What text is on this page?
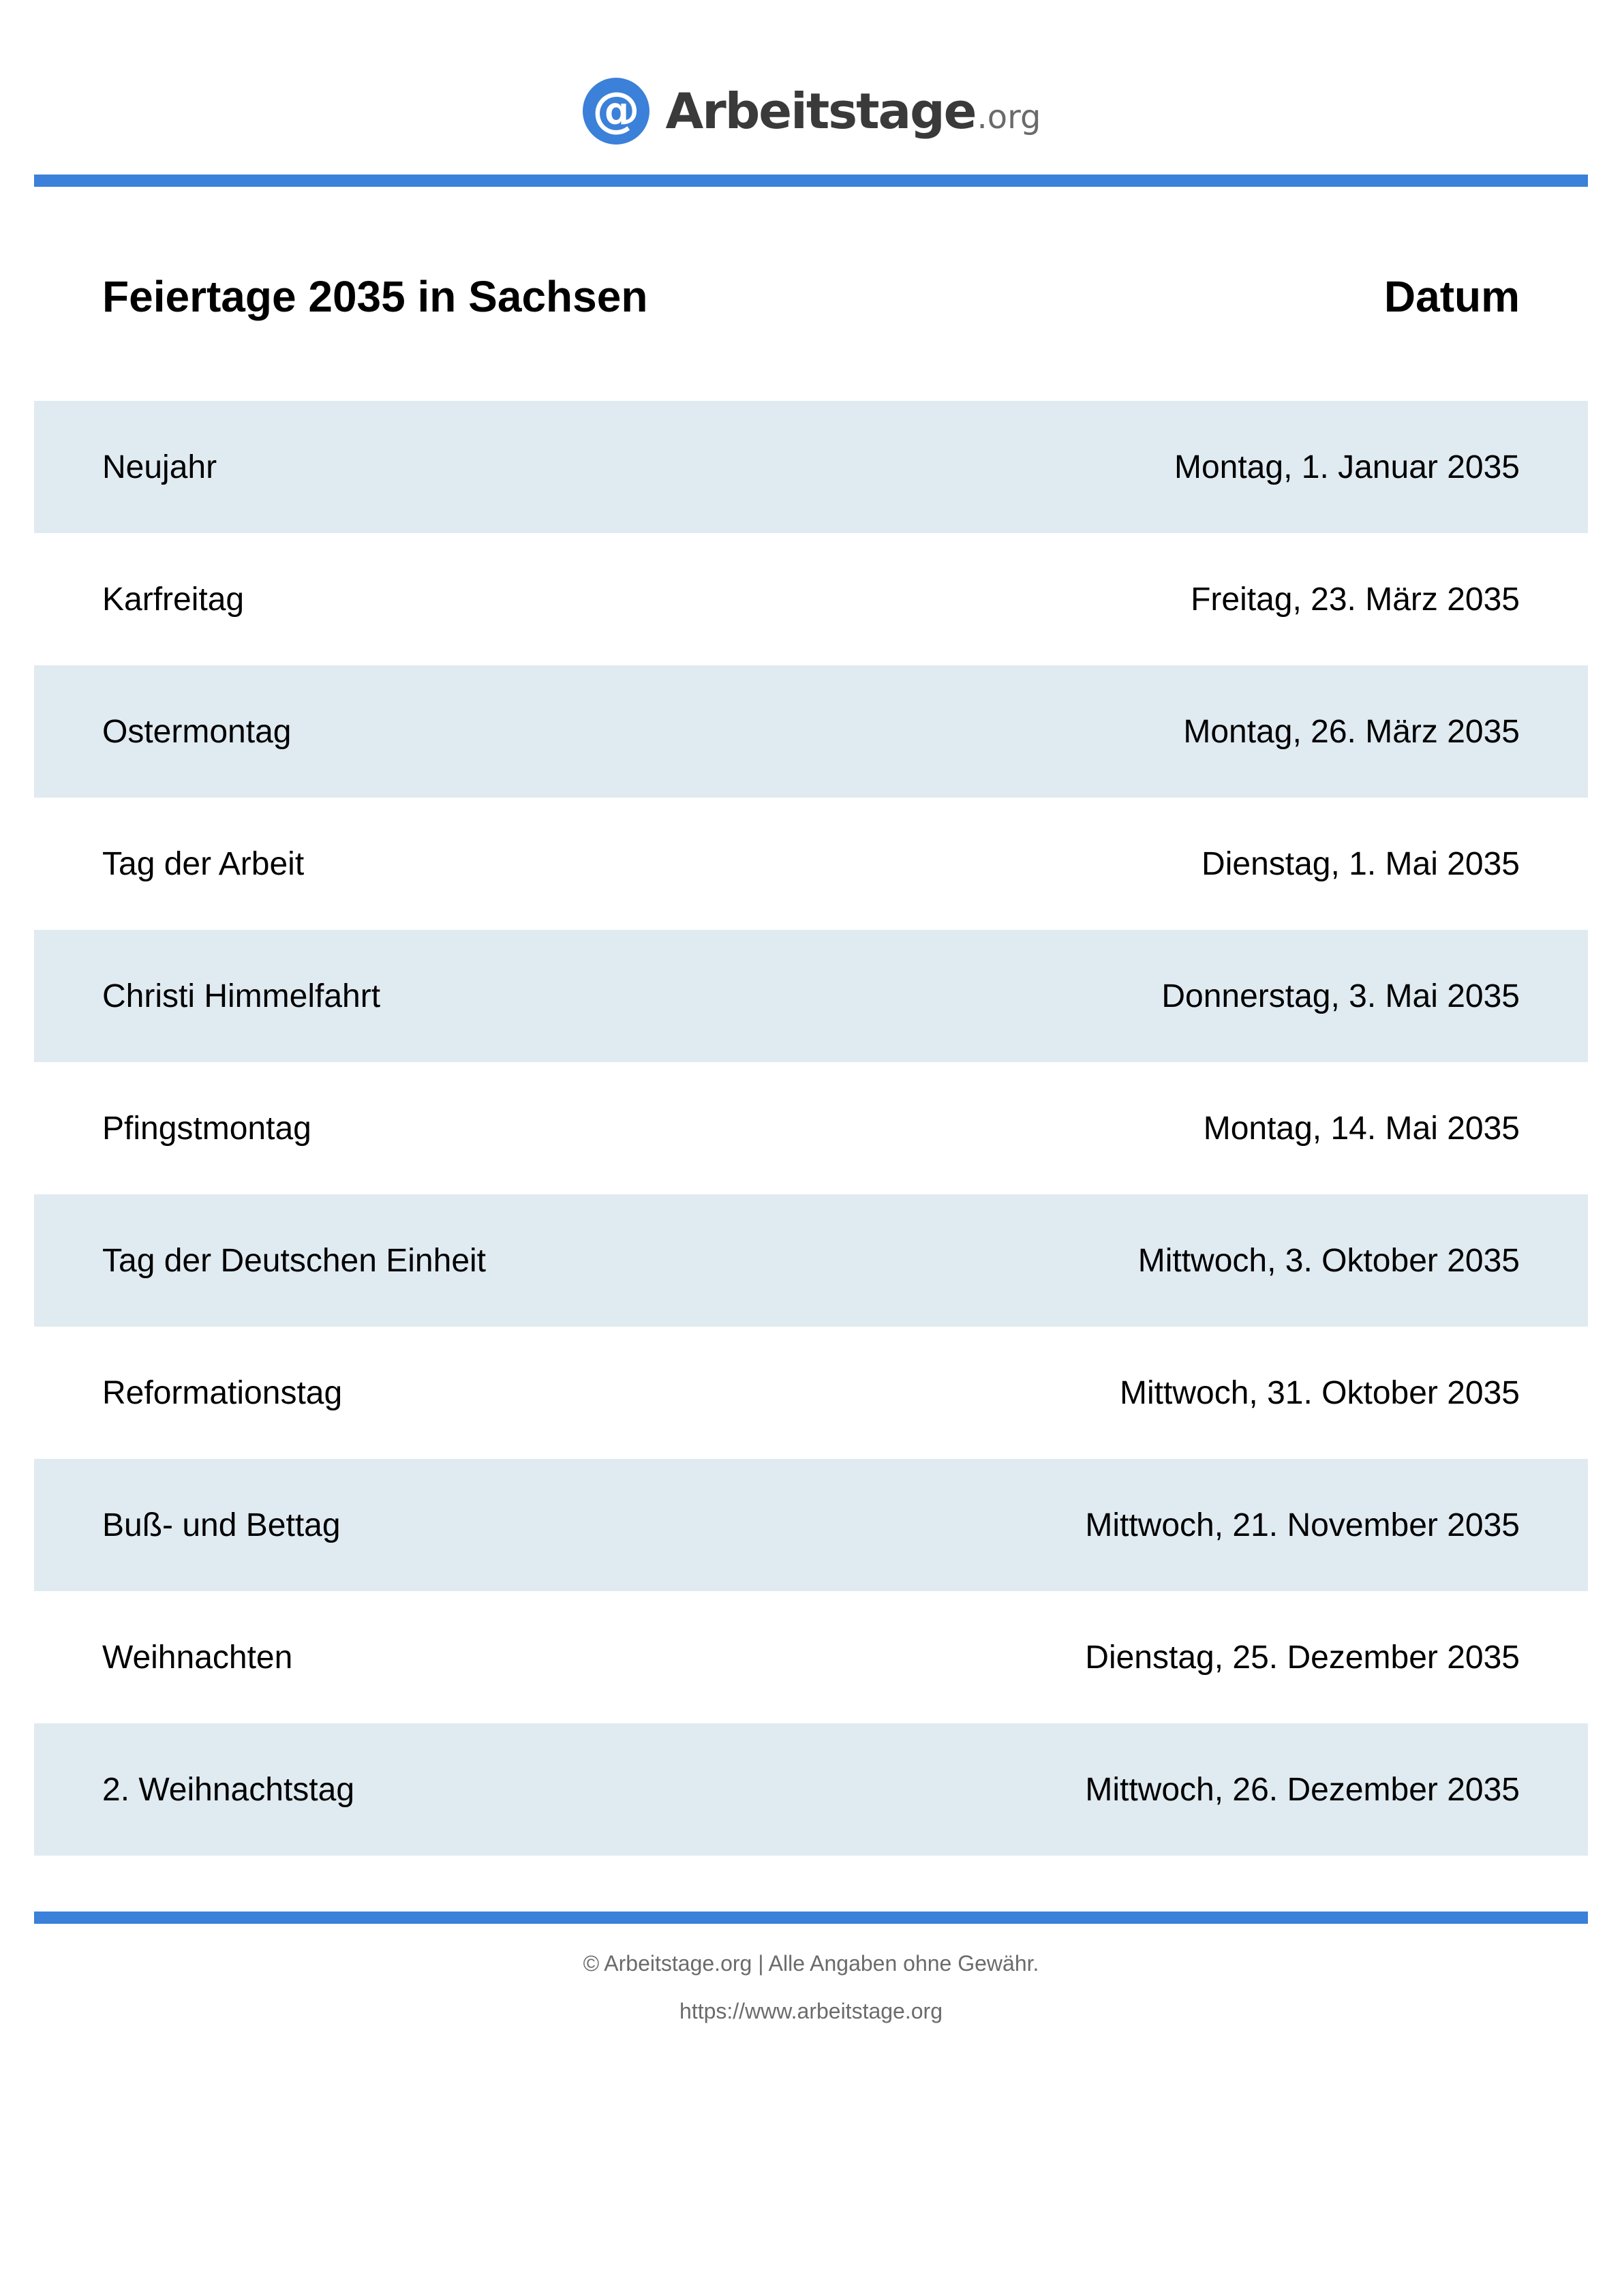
@ Arbeitstage.org
Feiertage 2035 in Sachsen	Datum
Neujahr	Montag, 1. Januar 2035
Karfreitag	Freitag, 23. März 2035
Ostermontag	Montag, 26. März 2035
Tag der Arbeit	Dienstag, 1. Mai 2035
Christi Himmelfahrt	Donnerstag, 3. Mai 2035
Pfingstmontag	Montag, 14. Mai 2035
Tag der Deutschen Einheit	Mittwoch, 3. Oktober 2035
Reformationstag	Mittwoch, 31. Oktober 2035
Buß- und Bettag	Mittwoch, 21. November 2035
Weihnachten	Dienstag, 25. Dezember 2035
2. Weihnachtstag	Mittwoch, 26. Dezember 2035
© Arbeitstage.org | Alle Angaben ohne Gewähr.
https://www.arbeitstage.org
